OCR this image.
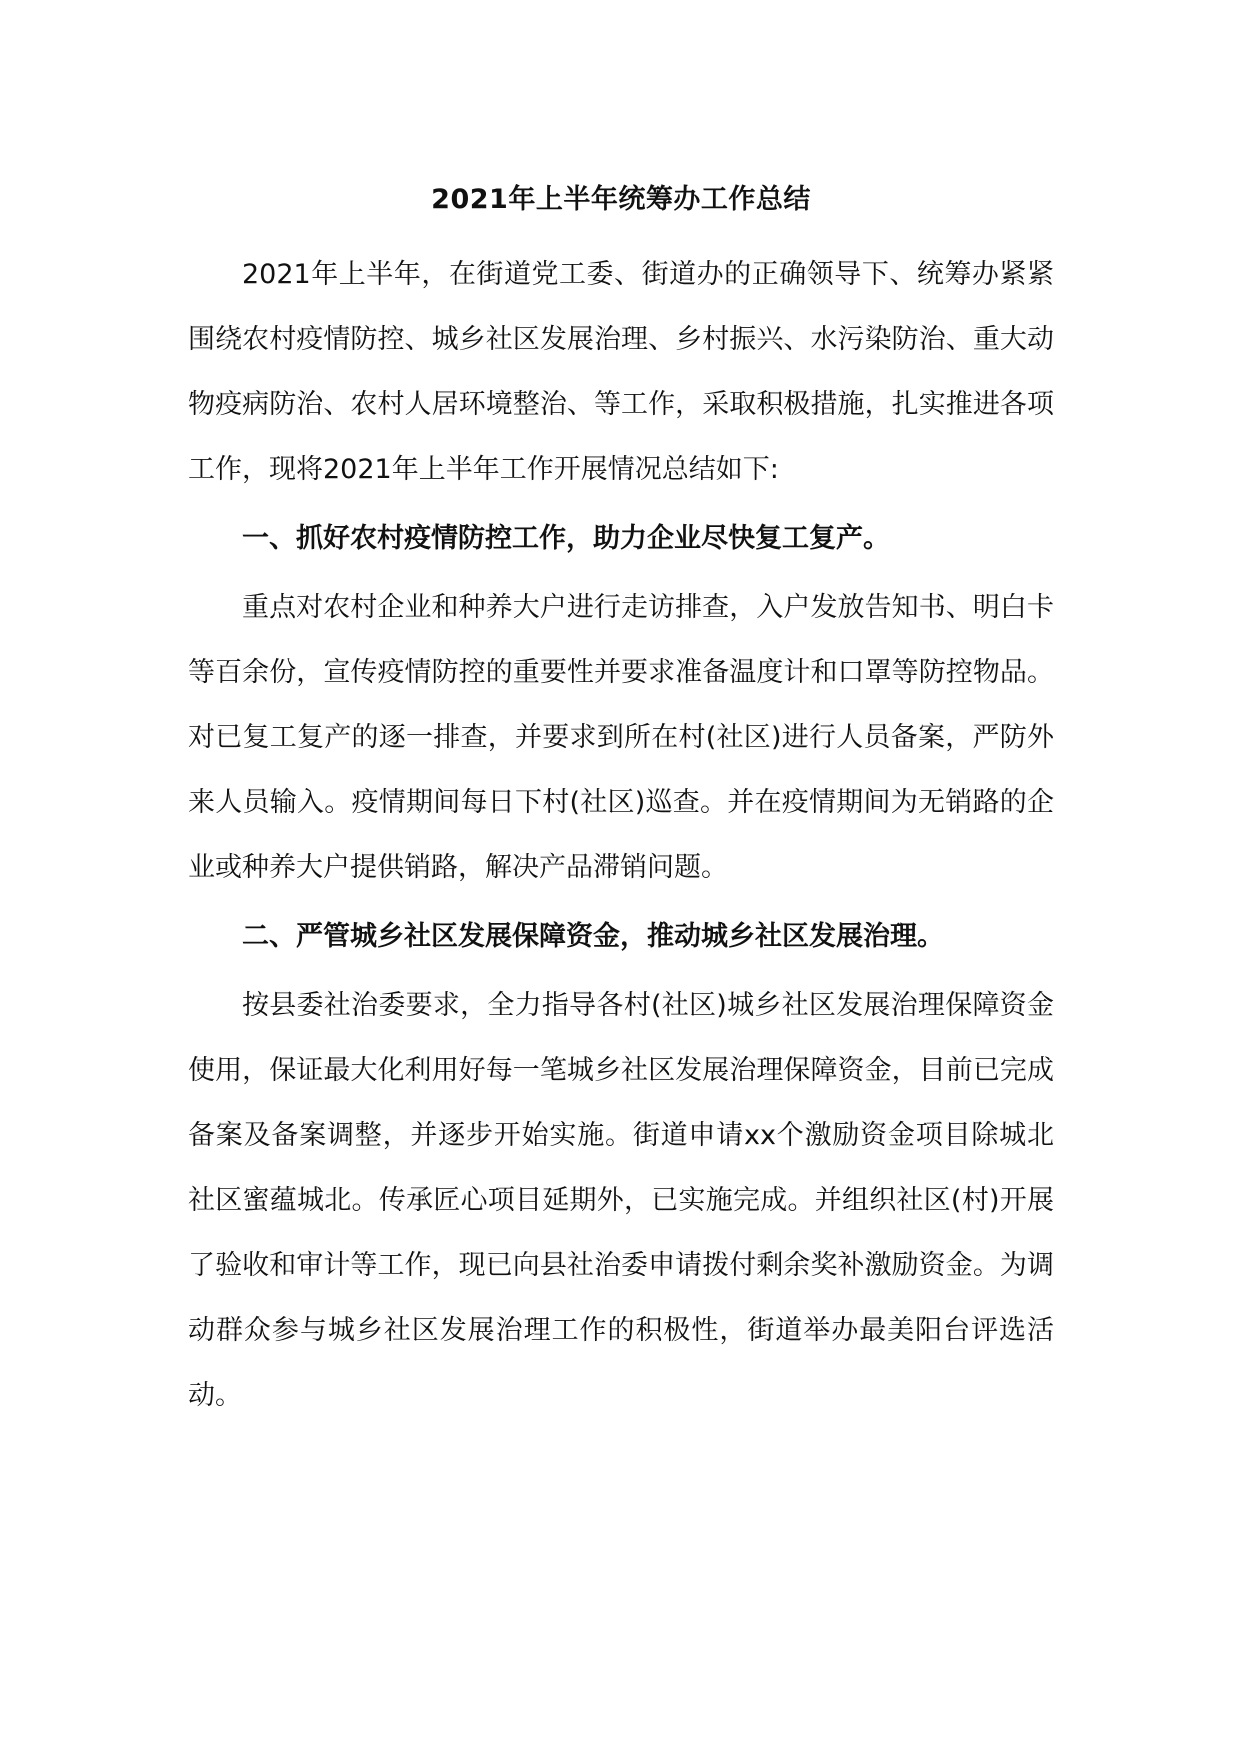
2021年上半年统筹办工作总结

2021年上半年，在街道党工委、街道办的正确领导下、统筹办紧紧围绕农村疫情防控、城乡社区发展治理、乡村振兴、水污染防治、重大动物疫病防治、农村人居环境整治、等工作，采取积极措施，扎实推进各项工作，现将2021年上半年工作开展情况总结如下:

一、抓好农村疫情防控工作，助力企业尽快复工复产。

重点对农村企业和种养大户进行走访排查，入户发放告知书、明白卡等百余份，宣传疫情防控的重要性并要求准备温度计和口罩等防控物品。对已复工复产的逐一排查，并要求到所在村(社区)进行人员备案，严防外来人员输入。疫情期间每日下村(社区)巡查。并在疫情期间为无销路的企业或种养大户提供销路，解决产品滞销问题。

二、严管城乡社区发展保障资金，推动城乡社区发展治理。

按县委社治委要求，全力指导各村(社区)城乡社区发展治理保障资金使用，保证最大化利用好每一笔城乡社区发展治理保障资金，目前已完成备案及备案调整，并逐步开始实施。街道申请xx个激励资金项目除城北社区蜜蕴城北。传承匠心项目延期外，已实施完成。并组织社区(村)开展了验收和审计等工作，现已向县社治委申请拨付剩余奖补激励资金。为调动群众参与城乡社区发展治理工作的积极性，街道举办最美阳台评选活动。
